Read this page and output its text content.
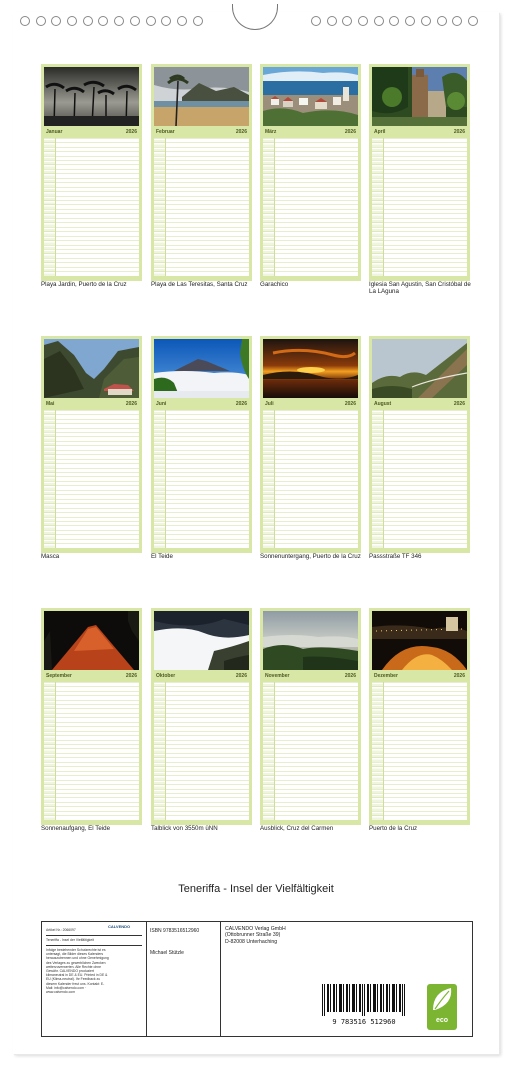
Januar	2026	Februar	2026	März	2026	April	2026
Playa Jardin, Puerto de la Cruz	Playa de Las Teresitas, Santa Cruz	Garachico	Iglesia San Agustin, San Cristóbal de La LAguna
Mai	2026	Juni	2026	Juli	2026	August	2026
Masca	El Teide	Sonnenuntergang, Puerto de la Cruz	Passstraße TF 346
September	2026	Oktober	2026	November	2026	Dezember	2026
Sonnenaufgang, El Teide	Talblick von 3550m üNN	Ausblick, Cruz del Carmen	Puerto de la Cruz
Teneriffa - Insel der Vielfältigkeit
Artikel Nr.: 2066097
CALVENDO
Teneriffa - Insel der Vielfältigkeit
Infolge bestehender Schutzrechte ist es untersagt, die Bilder dieses Kalenders herauszutrennen und ohne Genehmigung des Verlages zu gewerblichen Zwecken weiterzuverwerten. Alle Rechte ohne Gewähr. CALVENDO produziert klimaneutral in DE & EU. Printed in DE & EU (Klima-neutral). Ihr Feedback zu diesem Kalender freut uns. Kontakt: E-Mail: info@calvendo.com · www.calvendo.com
ISBN 9783516512960
Michael Stützle
CALVENDO Verlag GmbH
(Ottobrunner Straße 39)
D-82008 Unterhaching
9 783516 512960	eco
